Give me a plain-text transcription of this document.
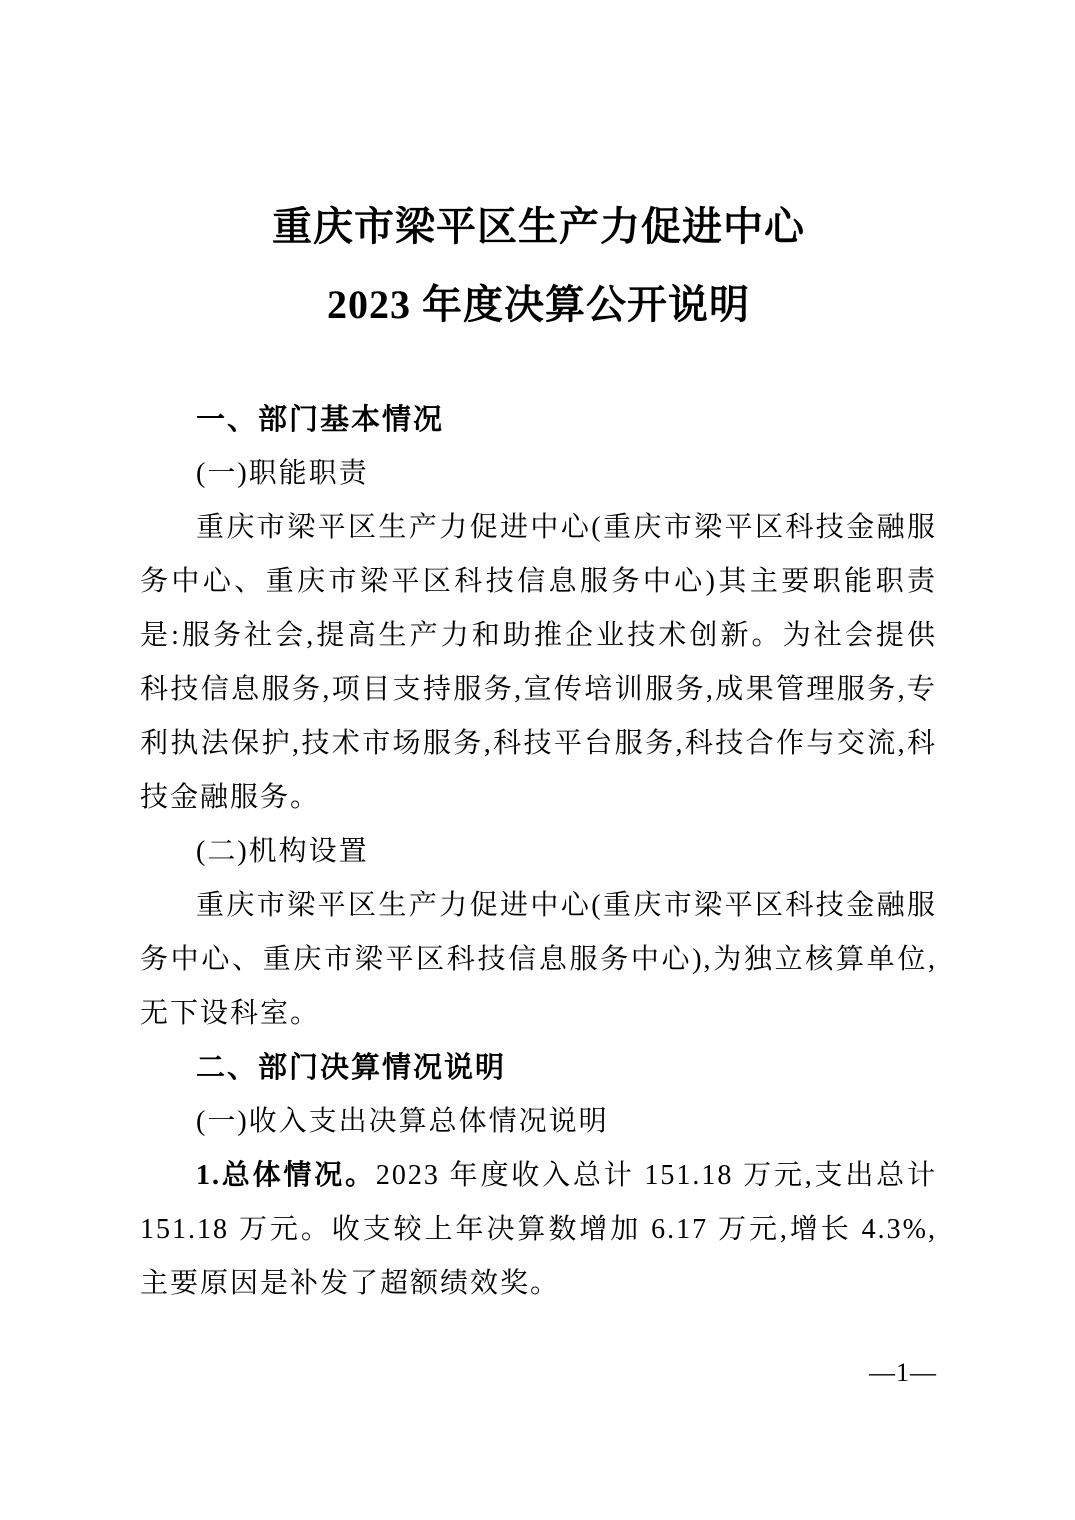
重庆市梁平区生产力促进中心
2023 年度决算公开说明
一、部门基本情况
(一)职能职责

重庆市梁平区生产力促进中心(重庆市梁平区科技金融服务中心、重庆市梁平区科技信息服务中心)其主要职能职责是:服务社会,提高生产力和助推企业技术创新。为社会提供科技信息服务,项目支持服务,宣传培训服务,成果管理服务,专利执法保护,技术市场服务,科技平台服务,科技合作与交流,科技金融服务。

(二)机构设置

重庆市梁平区生产力促进中心(重庆市梁平区科技金融服务中心、重庆市梁平区科技信息服务中心),为独立核算单位,无下设科室。

二、部门决算情况说明
(一)收入支出决算总体情况说明

1.总体情况。2023 年度收入总计 151.18 万元,支出总计 151.18 万元。收支较上年决算数增加 6.17 万元,增长 4.3%,主要原因是补发了超额绩效奖。

—1—
